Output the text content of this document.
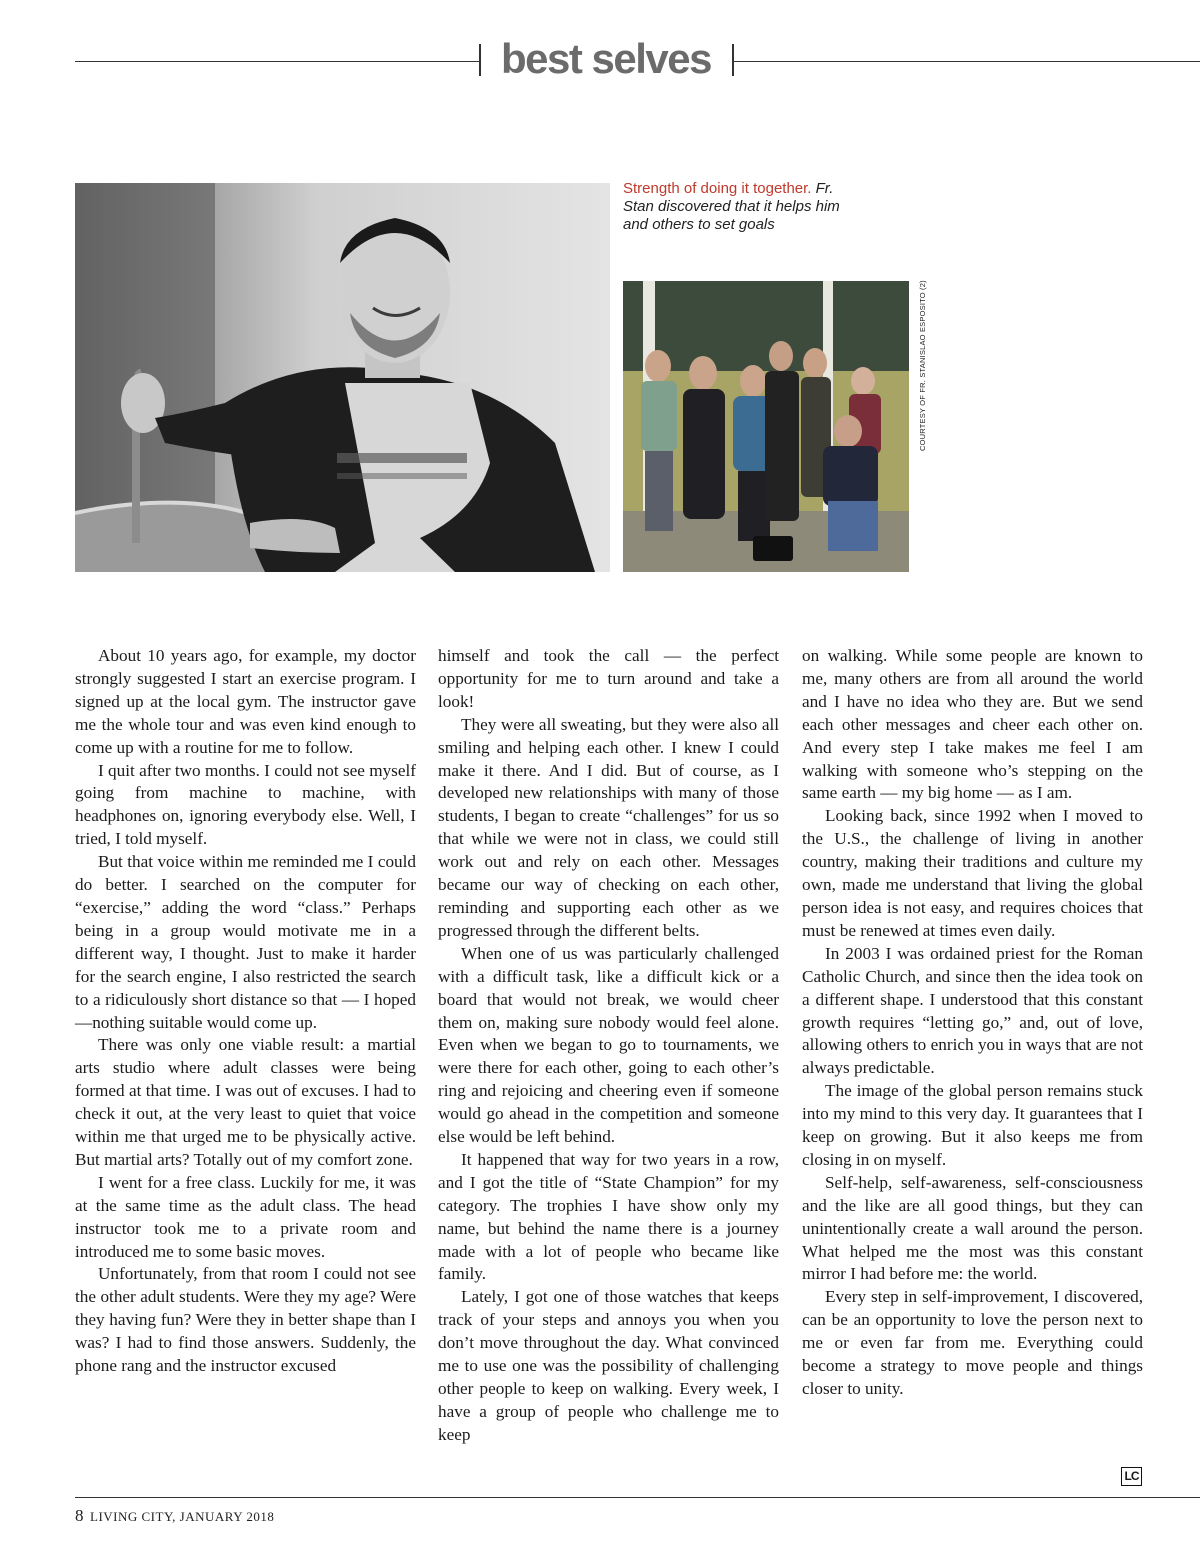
best selves
Strength of doing it together. Fr. Stan discovered that it helps him and others to set goals
COURTESY OF FR. STANISLAO ESPOSITO (2)

About 10 years ago, for example, my doctor strongly suggested I start an exercise program. I signed up at the local gym. The instructor gave me the whole tour and was even kind enough to come up with a routine for me to follow.

I quit after two months. I could not see myself going from machine to machine, with headphones on, ignoring everybody else. Well, I tried, I told myself.

But that voice within me reminded me I could do better. I searched on the computer for “exercise,” adding the word “class.” Perhaps being in a group would motivate me in a different way, I thought. Just to make it harder for the search engine, I also restricted the search to a ridiculously short distance so that — I hoped —nothing suitable would come up.

There was only one viable result: a martial arts studio where adult classes were being formed at that time. I was out of excuses. I had to check it out, at the very least to quiet that voice within me that urged me to be physically active. But martial arts? Totally out of my comfort zone.

I went for a free class. Luckily for me, it was at the same time as the adult class. The head instructor took me to a private room and introduced me to some basic moves.

Unfortunately, from that room I could not see the other adult students. Were they my age? Were they having fun? Were they in better shape than I was? I had to find those answers. Suddenly, the phone rang and the instructor excused

himself and took the call — the perfect opportunity for me to turn around and take a look!

They were all sweating, but they were also all smiling and helping each other. I knew I could make it there. And I did. But of course, as I developed new relationships with many of those students, I began to create “challenges” for us so that while we were not in class, we could still work out and rely on each other. Messages became our way of checking on each other, reminding and supporting each other as we progressed through the different belts.

When one of us was particularly challenged with a difficult task, like a difficult kick or a board that would not break, we would cheer them on, making sure nobody would feel alone. Even when we began to go to tournaments, we were there for each other, going to each other’s ring and rejoicing and cheering even if someone would go ahead in the competition and someone else would be left behind.

It happened that way for two years in a row, and I got the title of “State Champion” for my category. The trophies I have show only my name, but behind the name there is a journey made with a lot of people who became like family.

Lately, I got one of those watches that keeps track of your steps and annoys you when you don’t move throughout the day. What convinced me to use one was the possibility of challenging other people to keep on walking. Every week, I have a group of people who challenge me to keep

on walking. While some people are known to me, many others are from all around the world and I have no idea who they are. But we send each other messages and cheer each other on. And every step I take makes me feel I am walking with someone who’s stepping on the same earth — my big home — as I am.

Looking back, since 1992 when I moved to the U.S., the challenge of living in another country, making their traditions and culture my own, made me understand that living the global person idea is not easy, and requires choices that must be renewed at times even daily.

In 2003 I was ordained priest for the Roman Catholic Church, and since then the idea took on a different shape. I understood that this constant growth requires “letting go,” and, out of love, allowing others to enrich you in ways that are not always predictable.

The image of the global person remains stuck into my mind to this very day. It guarantees that I keep on growing. But it also keeps me from closing in on myself.

Self-help, self-awareness, self-consciousness and the like are all good things, but they can unintentionally create a wall around the person. What helped me the most was this constant mirror I had before me: the world.

Every step in self-improvement, I discovered, can be an opportunity to love the person next to me or even far from me. Everything could become a strategy to move people and things closer to unity.

LC
8 LIVING CITY, JANUARY 2018
